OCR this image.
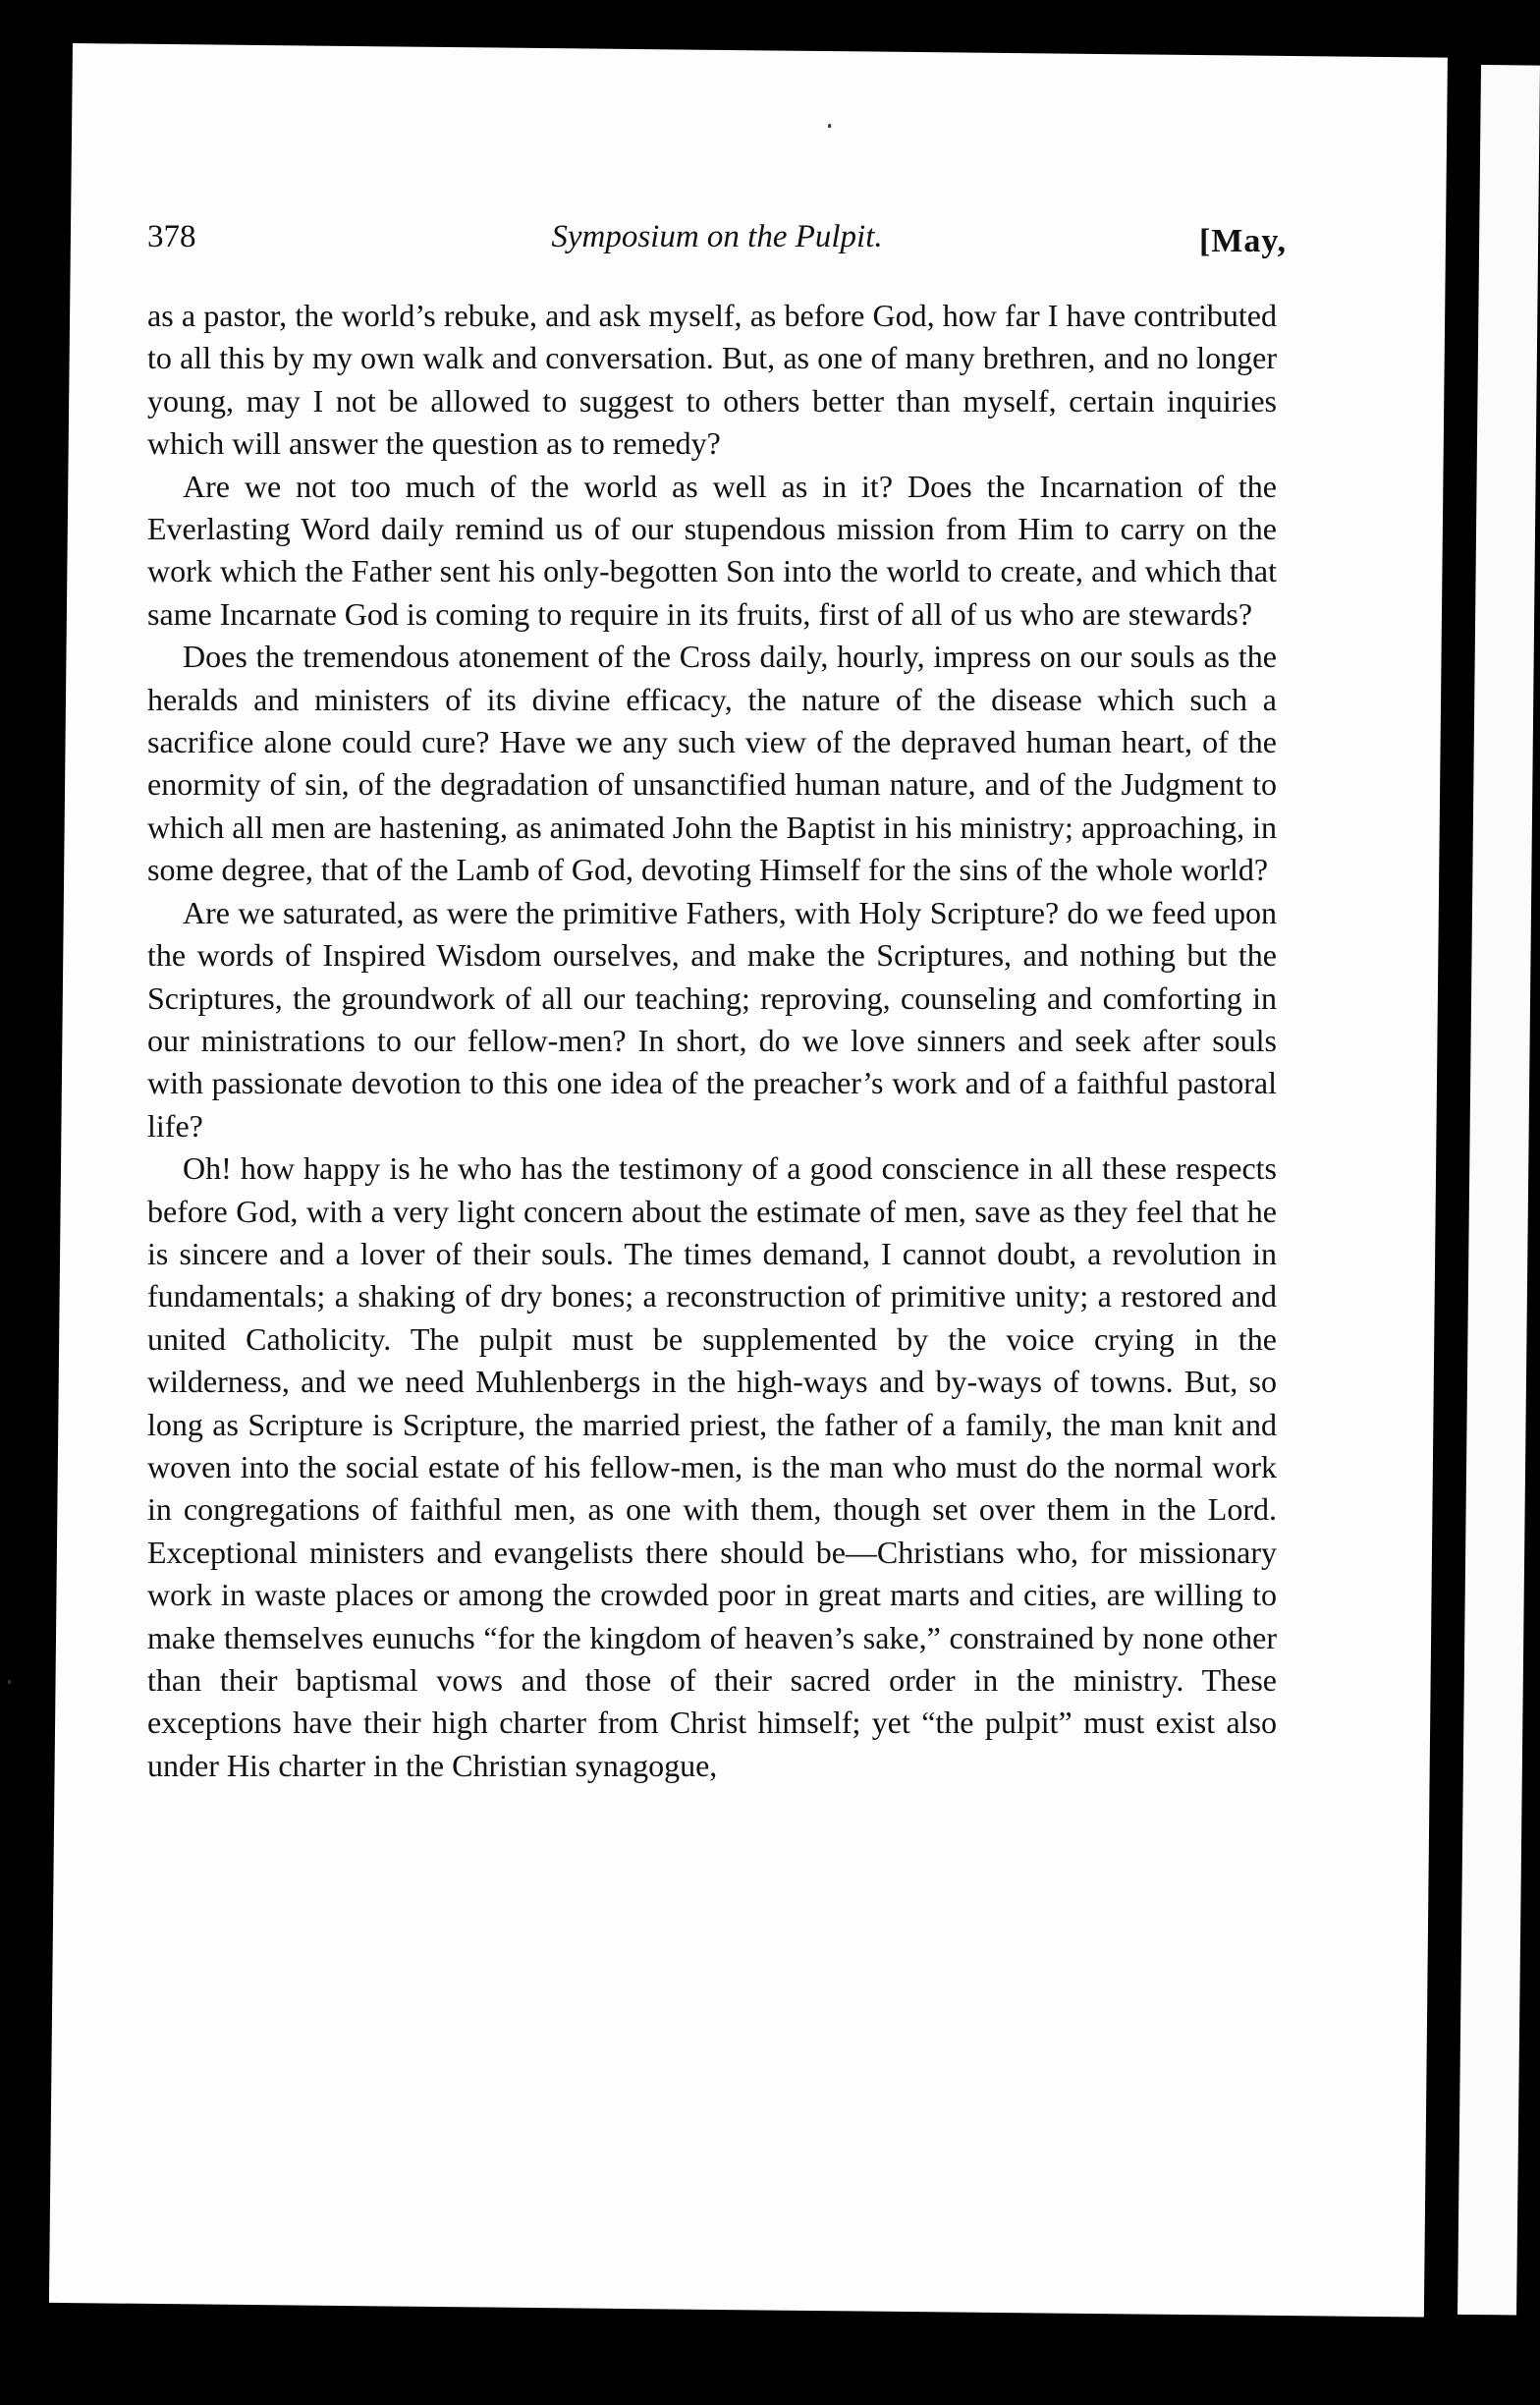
378	Symposium on the Pulpit.	[May,

as a pastor, the world’s rebuke, and ask myself, as before God, how far I have contributed to all this by my own walk and conversation. But, as one of many brethren, and no longer young, may I not be allowed to suggest to others better than myself, certain inquiries which will answer the question as to remedy?

Are we not too much of the world as well as in it? Does the Incarnation of the Everlasting Word daily remind us of our stupendous mission from Him to carry on the work which the Father sent his only-begotten Son into the world to create, and which that same Incarnate God is coming to require in its fruits, first of all of us who are stewards?

Does the tremendous atonement of the Cross daily, hourly, impress on our souls as the heralds and ministers of its divine efficacy, the nature of the disease which such a sacrifice alone could cure? Have we any such view of the depraved human heart, of the enormity of sin, of the degradation of unsanctified human nature, and of the Judgment to which all men are hastening, as animated John the Baptist in his ministry; approaching, in some degree, that of the Lamb of God, devoting Himself for the sins of the whole world?

Are we saturated, as were the primitive Fathers, with Holy Scripture? do we feed upon the words of Inspired Wisdom ourselves, and make the Scriptures, and nothing but the Scriptures, the groundwork of all our teaching; reproving, counseling and comforting in our ministrations to our fellow-men? In short, do we love sinners and seek after souls with passionate devotion to this one idea of the preacher’s work and of a faithful pastoral life?

Oh! how happy is he who has the testimony of a good conscience in all these respects before God, with a very light concern about the estimate of men, save as they feel that he is sincere and a lover of their souls. The times demand, I cannot doubt, a revolution in fundamentals; a shaking of dry bones; a reconstruction of primitive unity; a restored and united Catholicity. The pulpit must be supplemented by the voice crying in the wilderness, and we need Muhlenbergs in the high-ways and by-ways of towns. But, so long as Scripture is Scripture, the married priest, the father of a family, the man knit and woven into the social estate of his fellow-men, is the man who must do the normal work in congregations of faithful men, as one with them, though set over them in the Lord. Exceptional ministers and evangelists there should be—Christians who, for missionary work in waste places or among the crowded poor in great marts and cities, are willing to make themselves eunuchs “for the kingdom of heaven’s sake,” constrained by none other than their baptismal vows and those of their sacred order in the ministry. These exceptions have their high charter from Christ himself; yet “the pulpit” must exist also under His charter in the Christian synagogue,
